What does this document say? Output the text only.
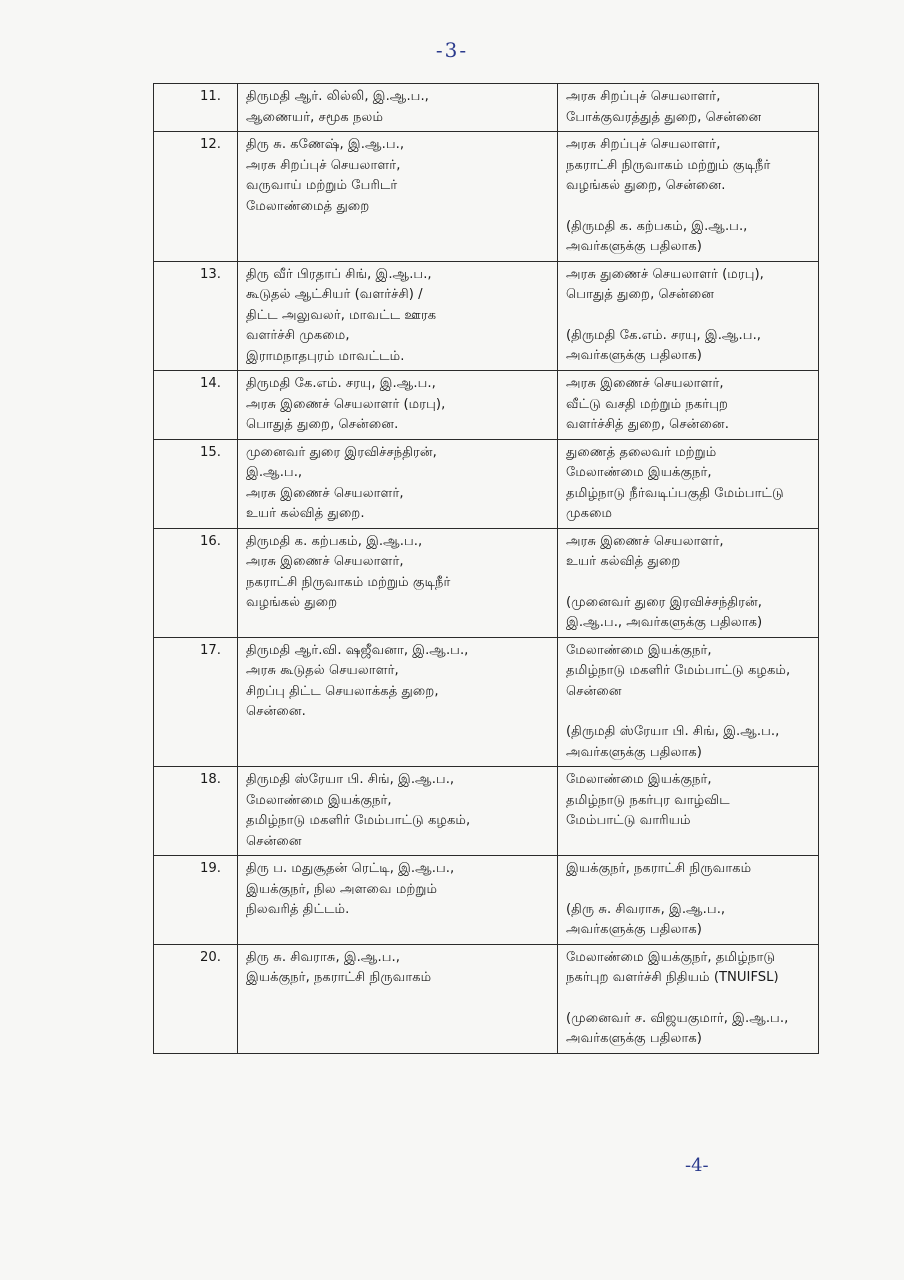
-3-
11.	திருமதி ஆர். லில்லி, இ.ஆ.ப.,
ஆணையர், சமூக நலம்	அரசு சிறப்புச் செயலாளர்,
போக்குவரத்துத் துறை, சென்னை

12.	திரு சு. கணேஷ், இ.ஆ.ப.,
அரசு சிறப்புச் செயலாளர்,
வருவாய் மற்றும் பேரிடர்
மேலாண்மைத் துறை	அரசு சிறப்புச் செயலாளர்,
நகராட்சி நிருவாகம் மற்றும் குடிநீர்
வழங்கல் துறை, சென்னை.
(திருமதி க. கற்பகம், இ.ஆ.ப.,
அவர்களுக்கு பதிலாக)

13.	திரு வீர் பிரதாப் சிங், இ.ஆ.ப.,
கூடுதல் ஆட்சியர் (வளர்ச்சி) /
திட்ட அலுவலர், மாவட்ட ஊரக
வளர்ச்சி முகமை,
இராமநாதபுரம் மாவட்டம்.	அரசு துணைச் செயலாளர் (மரபு),
பொதுத் துறை, சென்னை
(திருமதி கே.எம். சரயு, இ.ஆ.ப.,
அவர்களுக்கு பதிலாக)

14.	திருமதி கே.எம். சரயு, இ.ஆ.ப.,
அரசு இணைச் செயலாளர் (மரபு),
பொதுத் துறை, சென்னை.	அரசு இணைச் செயலாளர்,
வீட்டு வசதி மற்றும் நகர்புற
வளர்ச்சித் துறை, சென்னை.

15.	முனைவர் துரை இரவிச்சந்திரன்,
இ.ஆ.ப.,
அரசு இணைச் செயலாளர்,
உயர் கல்வித் துறை.	துணைத் தலைவர் மற்றும்
மேலாண்மை இயக்குநர்,
தமிழ்நாடு நீர்வடிப்பகுதி மேம்பாட்டு
முகமை

16.	திருமதி க. கற்பகம், இ.ஆ.ப.,
அரசு இணைச் செயலாளர்,
நகராட்சி நிருவாகம் மற்றும் குடிநீர்
வழங்கல் துறை	அரசு இணைச் செயலாளர்,
உயர் கல்வித் துறை
(முனைவர் துரை இரவிச்சந்திரன்,
இ.ஆ.ப., அவர்களுக்கு பதிலாக)

17.	திருமதி ஆர்.வி. ஷஜீவனா, இ.ஆ.ப.,
அரசு கூடுதல் செயலாளர்,
சிறப்பு திட்ட செயலாக்கத் துறை,
சென்னை.	மேலாண்மை இயக்குநர்,
தமிழ்நாடு மகளிர் மேம்பாட்டு கழகம்,
சென்னை
(திருமதி ஸ்ரேயா பி. சிங், இ.ஆ.ப.,
அவர்களுக்கு பதிலாக)

18.	திருமதி ஸ்ரேயா பி. சிங், இ.ஆ.ப.,
மேலாண்மை இயக்குநர்,
தமிழ்நாடு மகளிர் மேம்பாட்டு கழகம்,
சென்னை	மேலாண்மை இயக்குநர்,
தமிழ்நாடு நகர்புர வாழ்விட
மேம்பாட்டு வாரியம்

19.	திரு ப. மதுசூதன் ரெட்டி, இ.ஆ.ப.,
இயக்குநர், நில அளவை மற்றும்
நிலவரித் திட்டம்.	இயக்குநர், நகராட்சி நிருவாகம்
(திரு சு. சிவராசு, இ.ஆ.ப.,
அவர்களுக்கு பதிலாக)

20.	திரு சு. சிவராசு, இ.ஆ.ப.,
இயக்குநர், நகராட்சி நிருவாகம்	மேலாண்மை இயக்குநர், தமிழ்நாடு
நகர்புற வளர்ச்சி நிதியம் (TNUIFSL)
(முனைவர் ச. விஜயகுமார், இ.ஆ.ப.,
அவர்களுக்கு பதிலாக)
-4-
